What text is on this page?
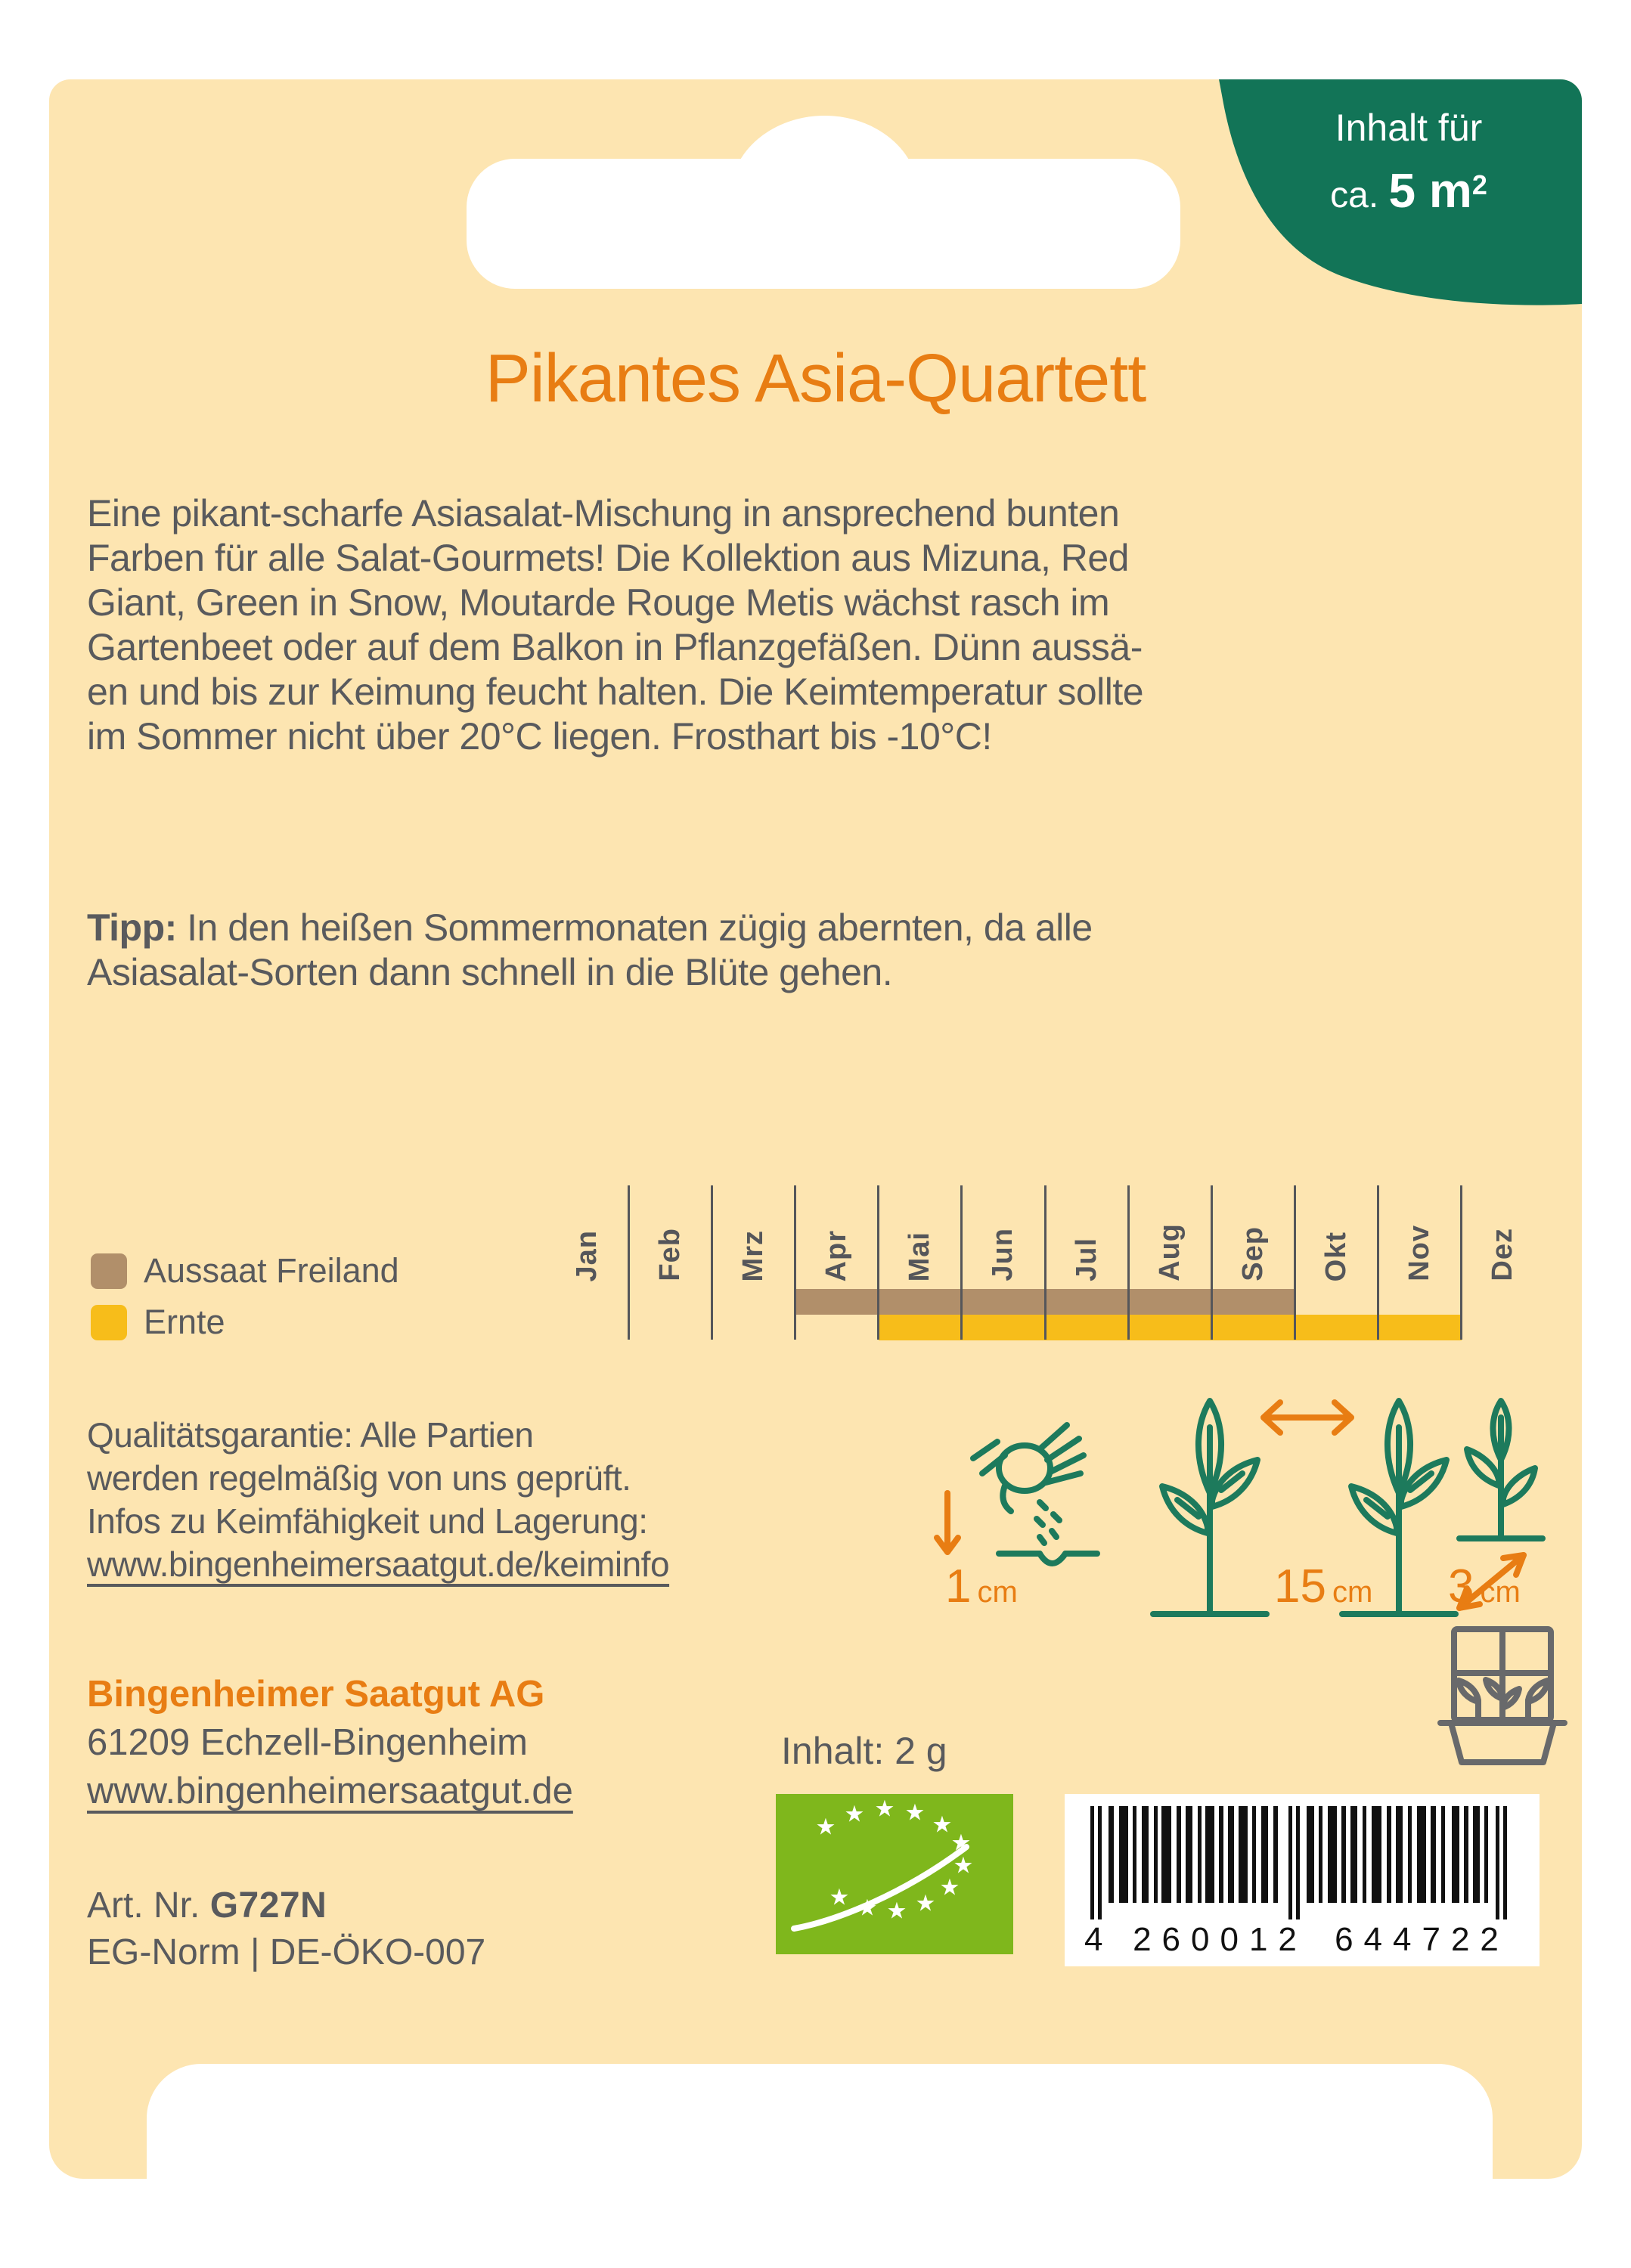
Inhalt für
ca. 5 $m^2$
Pikantes Asia-Quartett
Eine pikant-scharfe Asiasalat-Mischung in ansprechend bunten
Farben für alle Salat-Gourmets! Die Kollektion aus Mizuna, Red
Giant, Green in Snow, Moutarde Rouge Metis wächst rasch im
Gartenbeet oder auf dem Balkon in Pflanzgefäßen. Dünn aussä-
en und bis zur Keimung feucht halten. Die Keimtemperatur sollte
im Sommer nicht über 20°C liegen. Frosthart bis -10°C!
Tipp: In den heißen Sommermonaten zügig abernten, da alle
Asiasalat-Sorten dann schnell in die Blüte gehen.
Jan Feb Mrz Apr Mai Jun Jul Aug Sep Okt Nov Dez
Aussaat Freiland
Ernte
Qualitätsgarantie: Alle Partien
werden regelmäßig von uns geprüft.
Infos zu Keimfähigkeit und Lagerung:
www.bingenheimersaatgut.de/keiminfo	1 cm	15 cm 3 cm
Bingenheimer Saatgut AG
61209 Echzell-Bingenheim
www.bingenheimersaatgut.de
Inhalt: 2 g
★ ★ ★ ★ ★
★
★
★
★
★
★
★
4 260012 644722
Art. Nr. G727N
EG-Norm | DE-ÖKO-007
